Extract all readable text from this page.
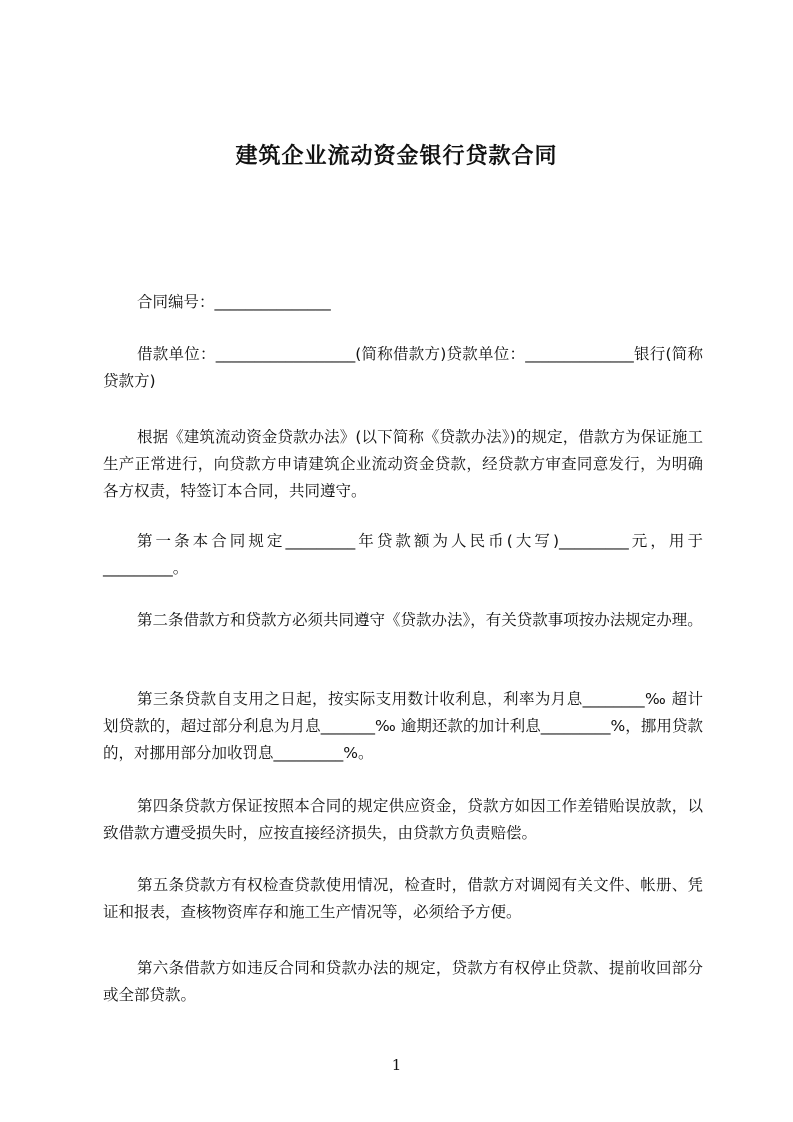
建筑企业流动资金银行贷款合同

合同编号：_______________

借款单位：__________________(简称借款方)贷款单位：______________银行(简称贷款方)

根据《建筑流动资金贷款办法》(以下简称《贷款办法》)的规定，借款方为保证施工生产正常进行，向贷款方申请建筑企业流动资金贷款，经贷款方审查同意发行，为明确各方权责，特签订本合同，共同遵守。

第一条本合同规定_________年贷款额为人民币(大写)_________元，用于_________。

第二条借款方和贷款方必须共同遵守《贷款办法》，有关贷款事项按办法规定办理。

第三条贷款自支用之日起，按实际支用数计收利息，利率为月息________‰ 超计划贷款的，超过部分利息为月息_______‰ 逾期还款的加计利息_________%，挪用贷款的，对挪用部分加收罚息_________%。

第四条贷款方保证按照本合同的规定供应资金，贷款方如因工作差错贻误放款，以致借款方遭受损失时，应按直接经济损失，由贷款方负责赔偿。

第五条贷款方有权检查贷款使用情况，检查时，借款方对调阅有关文件、帐册、凭证和报表，查核物资库存和施工生产情况等，必须给予方便。

第六条借款方如违反合同和贷款办法的规定，贷款方有权停止贷款、提前收回部分或全部贷款。

1
